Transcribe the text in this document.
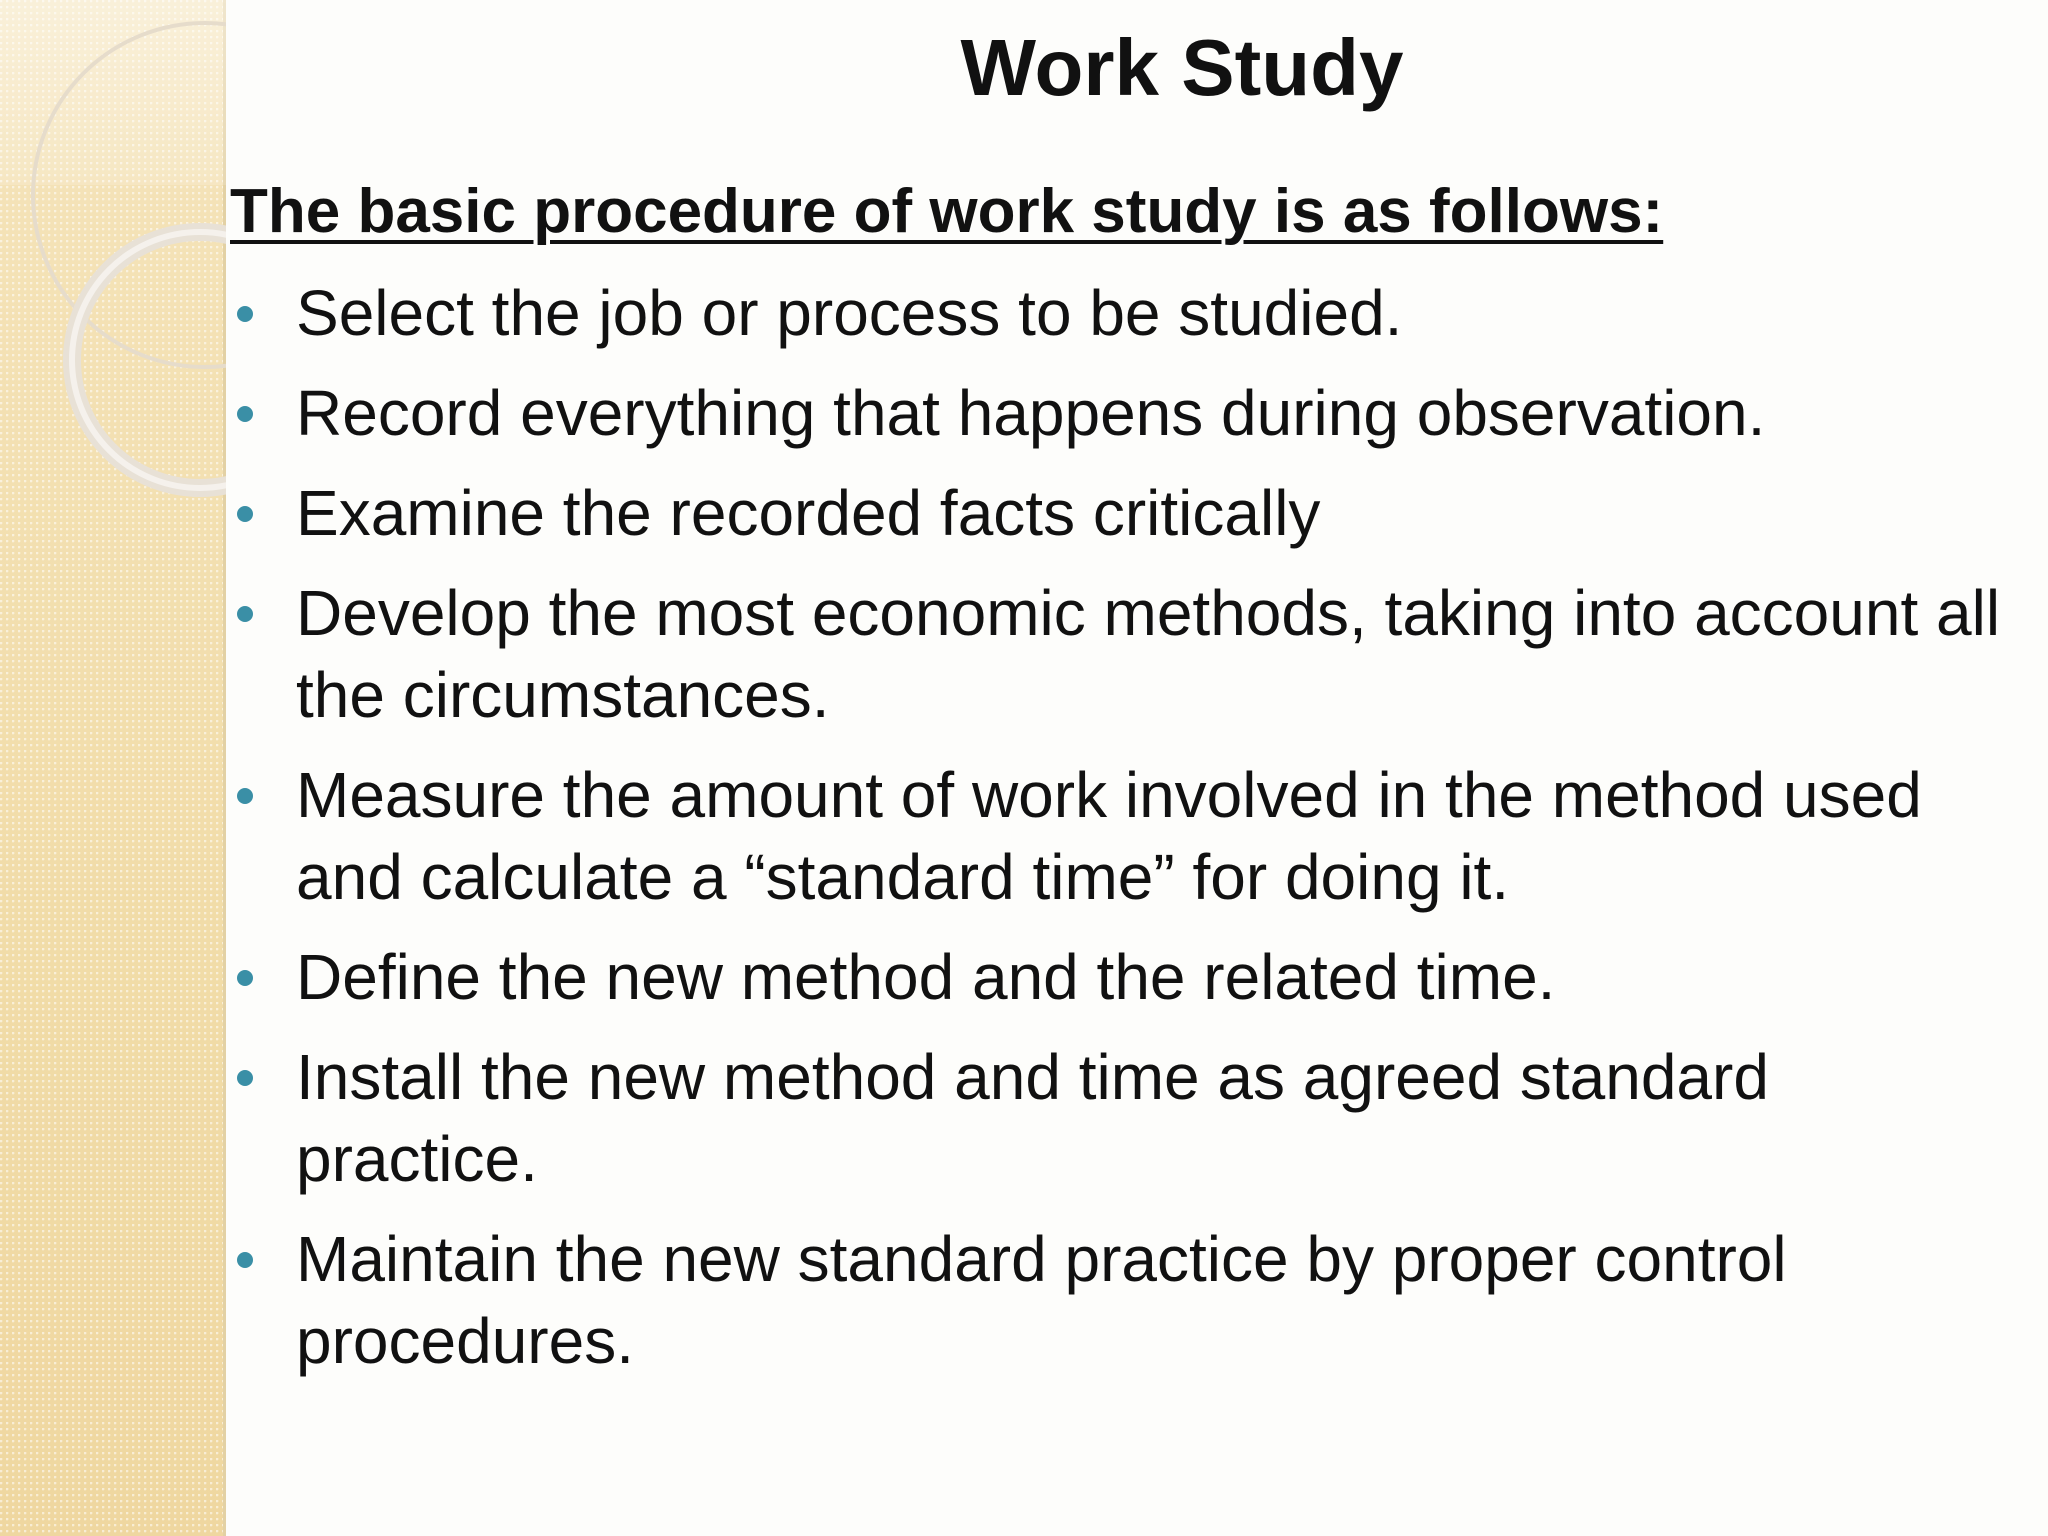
Work Study
The basic procedure of work study is as follows:
Select the job or process to be studied.
Record everything that happens during observation.
Examine the recorded facts critically
Develop the most economic methods, taking into account all the circumstances.
Measure the amount of work involved in the method used and calculate a “standard time” for doing it.
Define the new method and the related time.
Install the new method and time as agreed standard practice.
Maintain the new standard practice by proper control procedures.
